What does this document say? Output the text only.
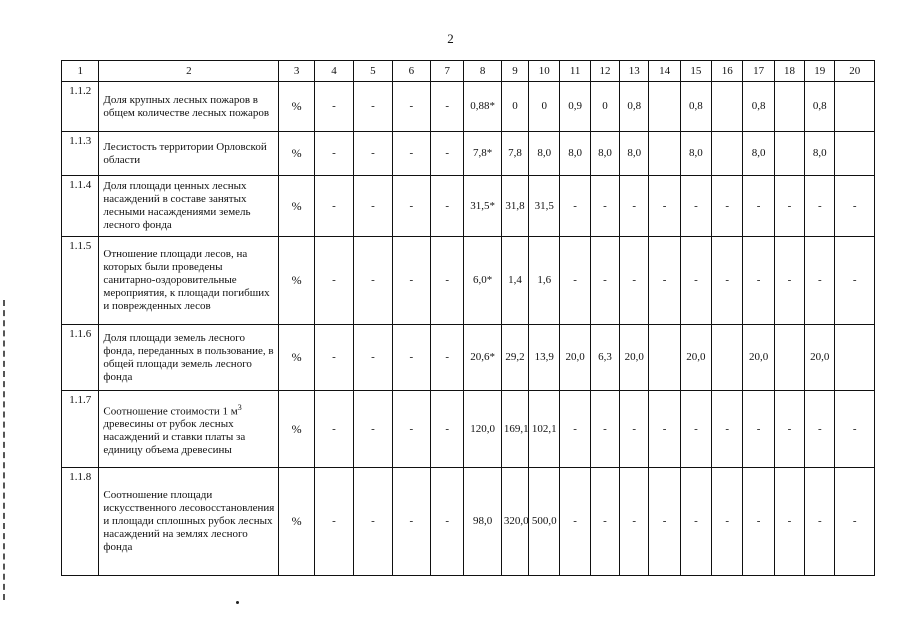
2
1	2	3	4	5	6	7	8	9	10	11	12	13	14	15	16	17	18	19	20
1.1.2	Доля крупных лесных пожаров в общем количестве лесных пожаров	%	-	-	-	-	0,88*	0	0	0,9	0	0,8		0,8		0,8		0,8	
1.1.3	Лесистость территории Орловской области	%	-	-	-	-	7,8*	7,8	8,0	8,0	8,0	8,0		8,0		8,0		8,0	
1.1.4	Доля площади ценных лесных насаждений в составе занятых лесными насаждениями земель лесного фонда	%	-	-	-	-	31,5*	31,8	31,5	-	-	-	-	-	-	-	-	-	-
1.1.5	Отношение площади лесов, на которых были проведены санитарно-оздоровительные мероприятия, к площади погибших и поврежденных лесов	%	-	-	-	-	6,0*	1,4	1,6	-	-	-	-	-	-	-	-	-	-
1.1.6	Доля площади земель лесного фонда, переданных в пользование, в общей площади земель лесного фонда	%	-	-	-	-	20,6*	29,2	13,9	20,0	6,3	20,0		20,0		20,0		20,0	
1.1.7	Соотношение стоимости 1 $м^3$
древесины от рубок лесных насаждений и ставки платы за единицу объема древесины	%	-	-	-	-	120,0	169,1	102,1	-	-	-	-	-	-	-	-	-	-
1.1.8	Соотношение площади искусственного лесовосстановления и площади сплошных рубок лесных насаждений на землях лесного фонда	%	-	-	-	-	98,0	320,0	500,0	-	-	-	-	-	-	-	-	-	-
